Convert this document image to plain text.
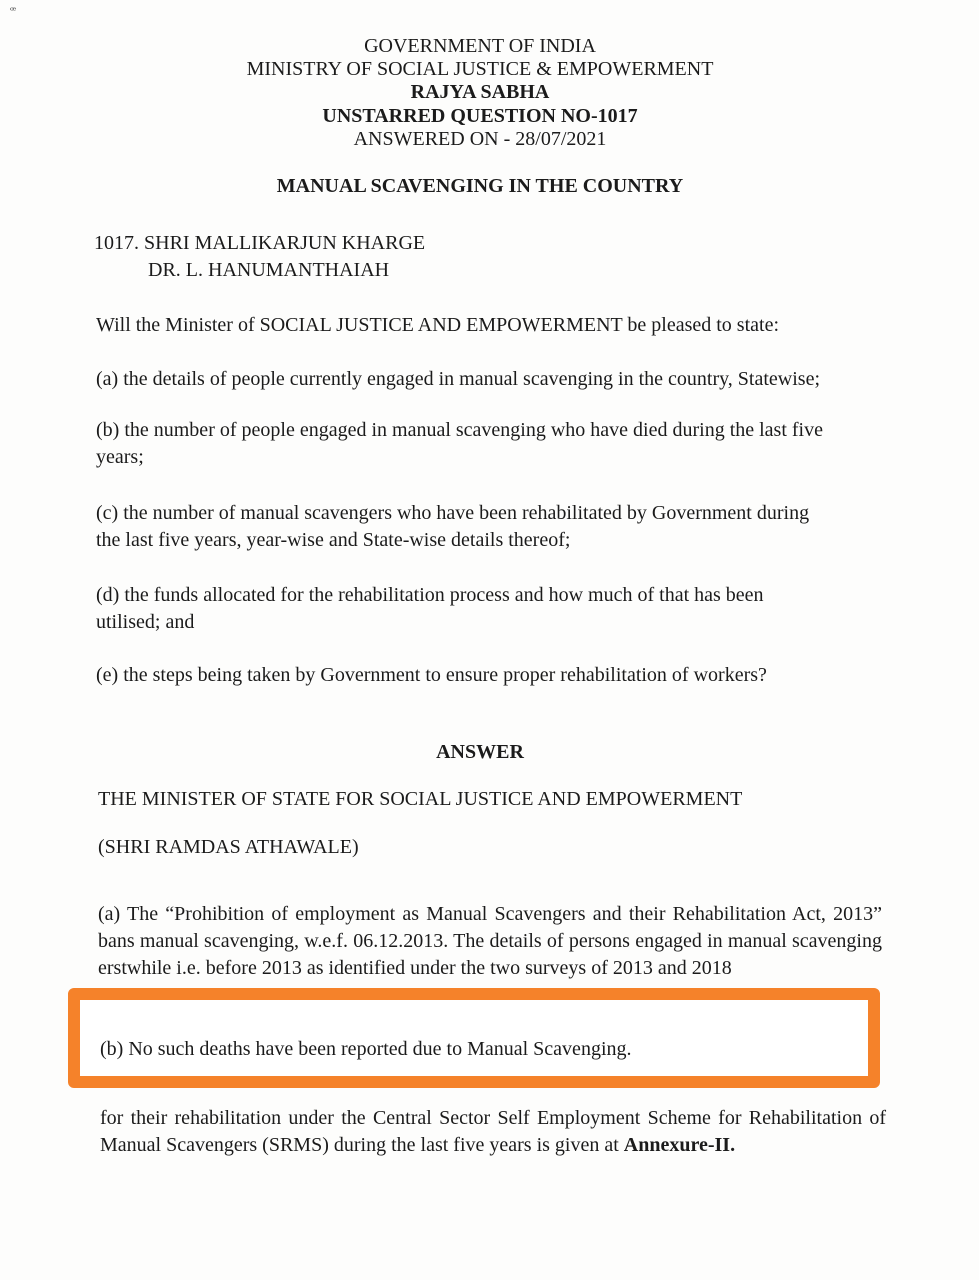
ꟹ
GOVERNMENT OF INDIA
MINISTRY OF SOCIAL JUSTICE & EMPOWERMENT
RAJYA SABHA
UNSTARRED QUESTION NO-1017
ANSWERED ON - 28/07/2021
MANUAL SCAVENGING IN THE COUNTRY
1017. SHRI MALLIKARJUN KHARGE
DR. L. HANUMANTHAIAH
Will the Minister of SOCIAL JUSTICE AND EMPOWERMENT be pleased to state:
(a) the details of people currently engaged in manual scavenging in the country, Statewise;
(b) the number of people engaged in manual scavenging who have died during the last five years;
(c) the number of manual scavengers who have been rehabilitated by Government during the last five years, year-wise and State-wise details thereof;
(d) the funds allocated for the rehabilitation process and how much of that has been utilised; and
(e) the steps being taken by Government to ensure proper rehabilitation of workers?
ANSWER
THE MINISTER OF STATE FOR SOCIAL JUSTICE AND EMPOWERMENT
(SHRI RAMDAS ATHAWALE)
(a) The “Prohibition of employment as Manual Scavengers and their Rehabilitation Act, 2013” bans manual scavenging, w.e.f. 06.12.2013. The details of persons engaged in manual scavenging erstwhile i.e. before 2013 as identified under the two surveys of 2013 and 2018
(b) No such deaths have been reported due to Manual Scavenging.
for their rehabilitation under the Central Sector Self Employment Scheme for Rehabilitation of Manual Scavengers (SRMS) during the last five years is given at Annexure-II.
